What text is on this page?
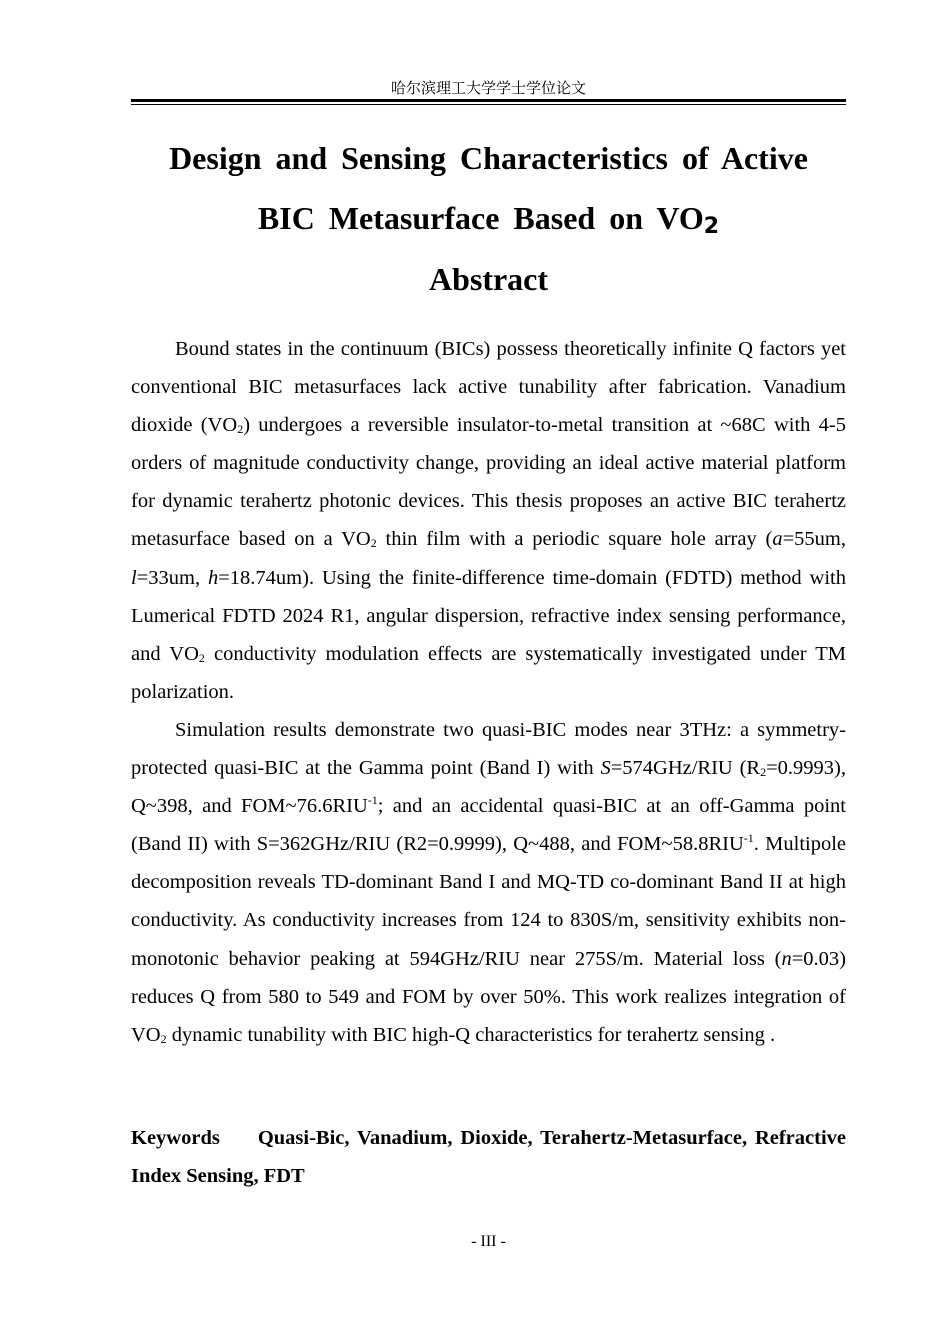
哈尔滨理工大学学士学位论文
Design and Sensing Characteristics of Active
BIC Metasurface Based on $VO_2$
Abstract

Bound states in the continuum (BICs) possess theoretically infinite Q factors yet conventional BIC metasurfaces lack active tunability after fabrication. Vanadium dioxide $(VO_2)$ undergoes a reversible insulator-to-metal transition at ~68C with 4-5 orders of magnitude conductivity change, providing an ideal active material platform for dynamic terahertz photonic devices. This thesis proposes an active BIC terahertz metasurface based on a $VO_2$ thin film with a periodic square hole array (a=55um, l=33um, h=18.74um). Using the finite-difference time-domain (FDTD) method with Lumerical FDTD 2024 R1, angular dispersion, refractive index sensing performance, and $VO_2$ conductivity modulation effects are systematically investigated under TM polarization.

Simulation results demonstrate two quasi-BIC modes near 3THz: a symmetry-protected quasi-BIC at the Gamma point (Band I) with S=574GHz/RIU $(R_2=0.9993)$, Q~398, and $FOM\sim 76.6RIU^{-1}$; and an accidental quasi-BIC at an off-Gamma point (Band II) with S=362GHz/RIU (R2=0.9999), Q~488, and $FOM\sim 58.8RIU^{-1}$. Multipole decomposition reveals TD-dominant Band I and MQ-TD co-dominant Band II at high conductivity. As conductivity increases from 124 to 830S/m, sensitivity exhibits non-monotonic behavior peaking at 594GHz/RIU near 275S/m. Material loss (n=0.03) reduces Q from 580 to 549 and FOM by over 50%. This work realizes integration of $VO_2$ dynamic tunability with BIC high-Q characteristics for terahertz sensing .

Keywords Quasi-Bic, Vanadium, Dioxide, Terahertz-Metasurface, Refractive Index Sensing, FDT
- III -
